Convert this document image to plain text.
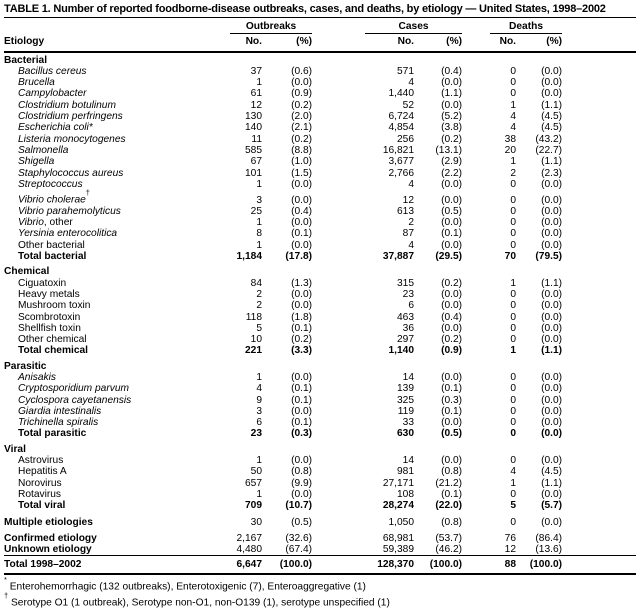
TABLE 1. Number of reported foodborne-disease outbreaks, cases, and deaths, by etiology — United States, 1998–2002

	Outbreaks			Cases			Deaths		

Etiology	No.	(%)		No.	(%)		No.	(%)	
Bacterial									
Bacillus cereus	37	(0.6)		571	(0.4)		0	(0.0)	
Brucella	1	(0.0)		4	(0.0)		0	(0.0)	
Campylobacter	61	(0.9)		1,440	(1.1)		0	(0.0)	
Clostridium botulinum	12	(0.2)		52	(0.0)		1	(1.1)	
Clostridium perfringens	130	(2.0)		6,724	(5.2)		4	(4.5)	
Escherichia coli*	140	(2.1)		4,854	(3.8)		4	(4.5)	
Listeria monocytogenes	11	(0.2)		256	(0.2)		38	(43.2)	
Salmonella	585	(8.8)		16,821	(13.1)		20	(22.7)	
Shigella	67	(1.0)		3,677	(2.9)		1	(1.1)	
Staphylococcus aureus	101	(1.5)		2,766	(2.2)		2	(2.3)	
Streptococcus	1	(0.0)		4	(0.0)		0	(0.0)	
Vibrio cholerae†	3	(0.0)		12	(0.0)		0	(0.0)	
Vibrio parahemolyticus	25	(0.4)		613	(0.5)		0	(0.0)	
Vibrio, other	1	(0.0)		2	(0.0)		0	(0.0)	
Yersinia enterocolitica	8	(0.1)		87	(0.1)		0	(0.0)	
Other bacterial	1	(0.0)		4	(0.0)		0	(0.0)	
Total bacterial	1,184	(17.8)		37,887	(29.5)		70	(79.5)	
Chemical									
Ciguatoxin	84	(1.3)		315	(0.2)		1	(1.1)	
Heavy metals	2	(0.0)		23	(0.0)		0	(0.0)	
Mushroom toxin	2	(0.0)		6	(0.0)		0	(0.0)	
Scombrotoxin	118	(1.8)		463	(0.4)		0	(0.0)	
Shellfish toxin	5	(0.1)		36	(0.0)		0	(0.0)	
Other chemical	10	(0.2)		297	(0.2)		0	(0.0)	
Total chemical	221	(3.3)		1,140	(0.9)		1	(1.1)	
Parasitic									
Anisakis	1	(0.0)		14	(0.0)		0	(0.0)	
Cryptosporidium parvum	4	(0.1)		139	(0.1)		0	(0.0)	
Cyclospora cayetanensis	9	(0.1)		325	(0.3)		0	(0.0)	
Giardia intestinalis	3	(0.0)		119	(0.1)		0	(0.0)	
Trichinella spiralis	6	(0.1)		33	(0.0)		0	(0.0)	
Total parasitic	23	(0.3)		630	(0.5)		0	(0.0)	
Viral									
Astrovirus	1	(0.0)		14	(0.0)		0	(0.0)	
Hepatitis A	50	(0.8)		981	(0.8)		4	(4.5)	
Norovirus	657	(9.9)		27,171	(21.2)		1	(1.1)	
Rotavirus	1	(0.0)		108	(0.1)		0	(0.0)	
Total viral	709	(10.7)		28,274	(22.0)		5	(5.7)	
Multiple etiologies	30	(0.5)		1,050	(0.8)		0	(0.0)	
Confirmed etiology	2,167	(32.6)		68,981	(53.7)		76	(86.4)	
Unknown etiology	4,480	(67.4)		59,389	(46.2)		12	(13.6)	
Total 1998–2002	6,647	(100.0)		128,370	(100.0)		88	(100.0)	
* Enterohemorrhagic (132 outbreaks), Enterotoxigenic (7), Enteroaggregative (1)
† Serotype O1 (1 outbreak), Serotype non-O1, non-O139 (1), serotype unspecified (1)
